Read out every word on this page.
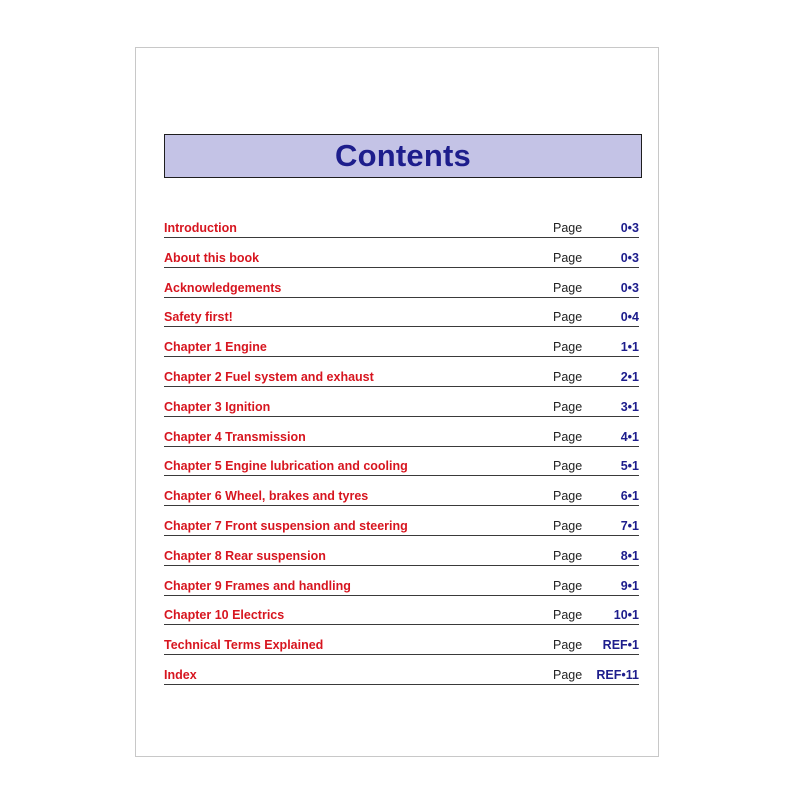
Contents
Introduction	Page	0•3
About this book	Page	0•3
Acknowledgements	Page	0•3
Safety first!	Page	0•4
Chapter 1 Engine	Page	1•1
Chapter 2 Fuel system and exhaust	Page	2•1
Chapter 3 Ignition	Page	3•1
Chapter 4 Transmission	Page	4•1
Chapter 5 Engine lubrication and cooling	Page	5•1
Chapter 6 Wheel, brakes and tyres	Page	6•1
Chapter 7 Front suspension and steering	Page	7•1
Chapter 8 Rear suspension	Page	8•1
Chapter 9 Frames and handling	Page	9•1
Chapter 10 Electrics	Page	10•1
Technical Terms Explained	Page REF•1
Index	Page REF•11
